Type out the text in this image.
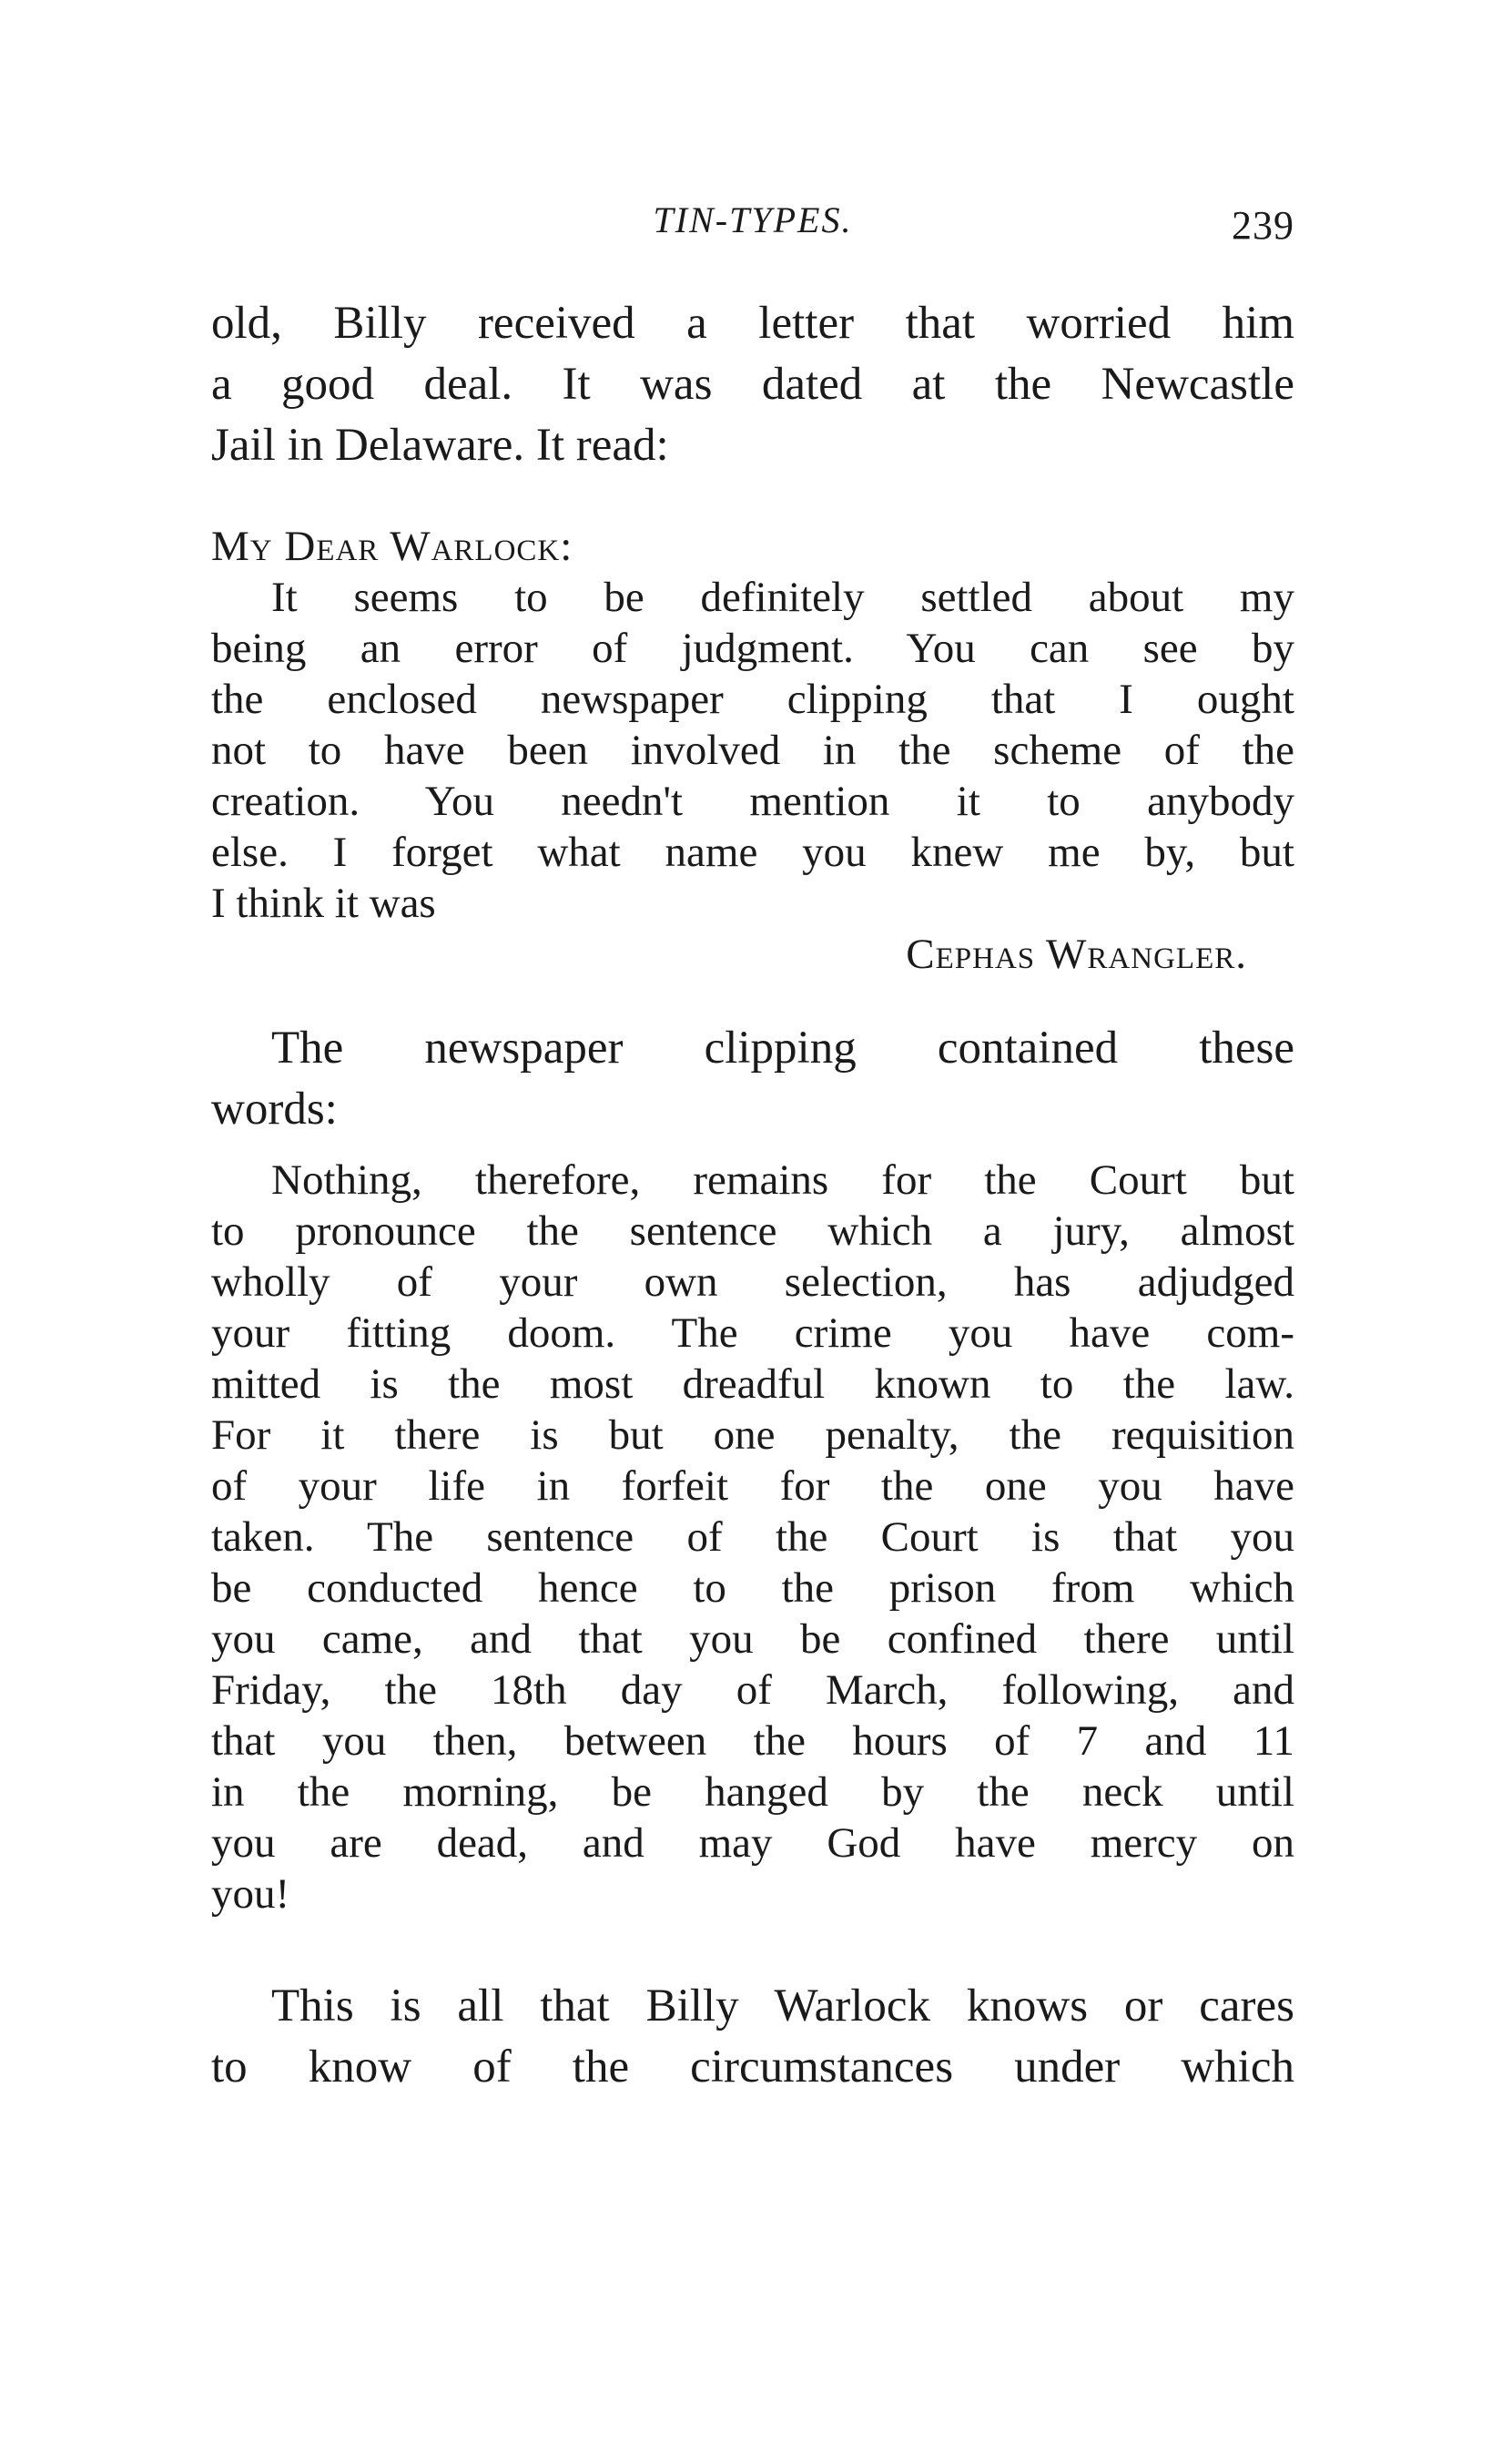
TIN-TYPES.	239
old, Billy received a letter that worried him
a good deal. It was dated at the Newcastle
Jail in Delaware. It read:
My Dear Warlock:
It seems to be definitely settled about my
being an error of judgment. You can see by
the enclosed newspaper clipping that I ought
not to have been involved in the scheme of the
creation. You needn't mention it to anybody
else. I forget what name you knew me by, but
I think it was
Cephas Wrangler.
The newspaper clipping contained these
words:
Nothing, therefore, remains for the Court but
to pronounce the sentence which a jury, almost
wholly of your own selection, has adjudged
your fitting doom. The crime you have com-
mitted is the most dreadful known to the law.
For it there is but one penalty, the requisition
of your life in forfeit for the one you have
taken. The sentence of the Court is that you
be conducted hence to the prison from which
you came, and that you be confined there until
Friday, the 18th day of March, following, and
that you then, between the hours of 7 and 11
in the morning, be hanged by the neck until
you are dead, and may God have mercy on
you!
This is all that Billy Warlock knows or cares
to know of the circumstances under which
